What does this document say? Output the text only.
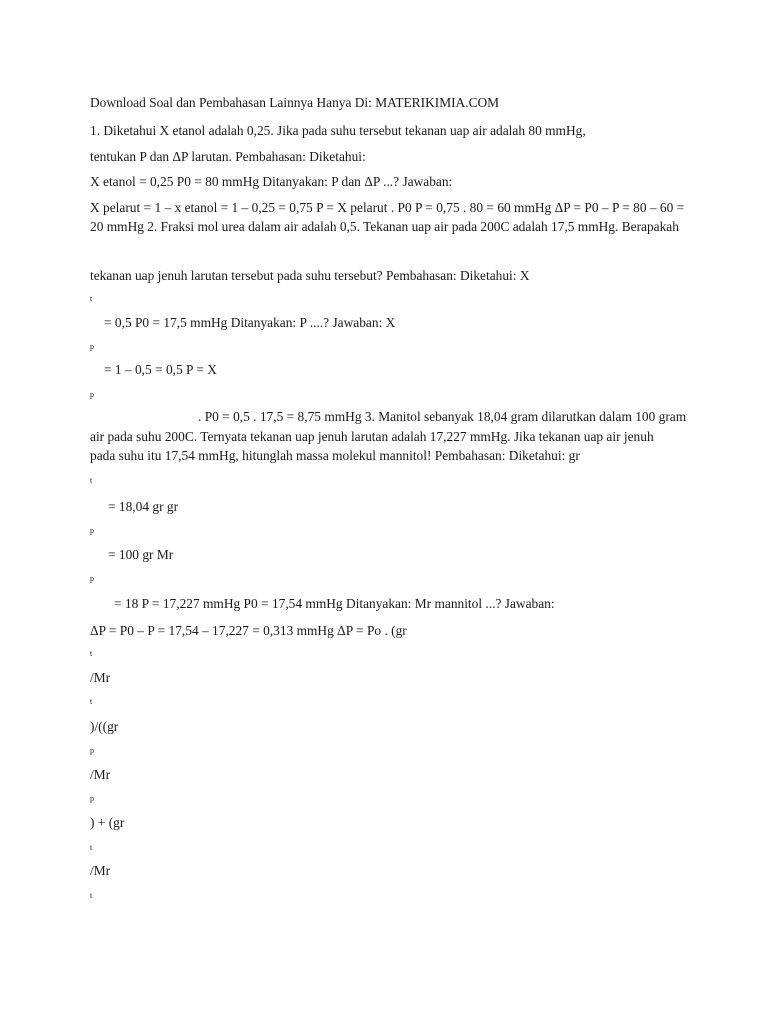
Download Soal dan Pembahasan Lainnya Hanya Di: MATERIKIMIA.COM
1. Diketahui X etanol adalah 0,25. Jika pada suhu tersebut tekanan uap air adalah 80 mmHg,
tentukan P dan ΔP larutan. Pembahasan: Diketahui:
X etanol = 0,25 P0 = 80 mmHg Ditanyakan: P dan ΔP ...? Jawaban:
X pelarut = 1 – x etanol = 1 – 0,25 = 0,75 P = X pelarut . P0 P = 0,75 . 80 = 60 mmHg ΔP = P0 – P = 80 – 60 = 20 mmHg 2. Fraksi mol urea dalam air adalah 0,5. Tekanan uap air pada 200C adalah 17,5 mmHg. Berapakah
tekanan uap jenuh larutan tersebut pada suhu tersebut? Pembahasan: Diketahui: X
t
= 0,5 P0 = 17,5 mmHg Ditanyakan: P ....? Jawaban: X
p
= 1 – 0,5 = 0,5 P = X
p
. P0 = 0,5 . 17,5 = 8,75 mmHg 3. Manitol sebanyak 18,04 gram dilarutkan dalam 100 gram
air pada suhu 200C. Ternyata tekanan uap jenuh larutan adalah 17,227 mmHg. Jika tekanan uap air jenuh
pada suhu itu 17,54 mmHg, hitunglah massa molekul mannitol! Pembahasan: Diketahui: gr
t
= 18,04 gr gr
p
= 100 gr Mr
p
= 18 P = 17,227 mmHg P0 = 17,54 mmHg Ditanyakan: Mr mannitol ...? Jawaban:
ΔP = P0 – P = 17,54 – 17,227 = 0,313 mmHg ΔP = Po . (gr
t
/Mr
t
)/((gr
p
/Mr
p
) + (gr
t
/Mr
t
